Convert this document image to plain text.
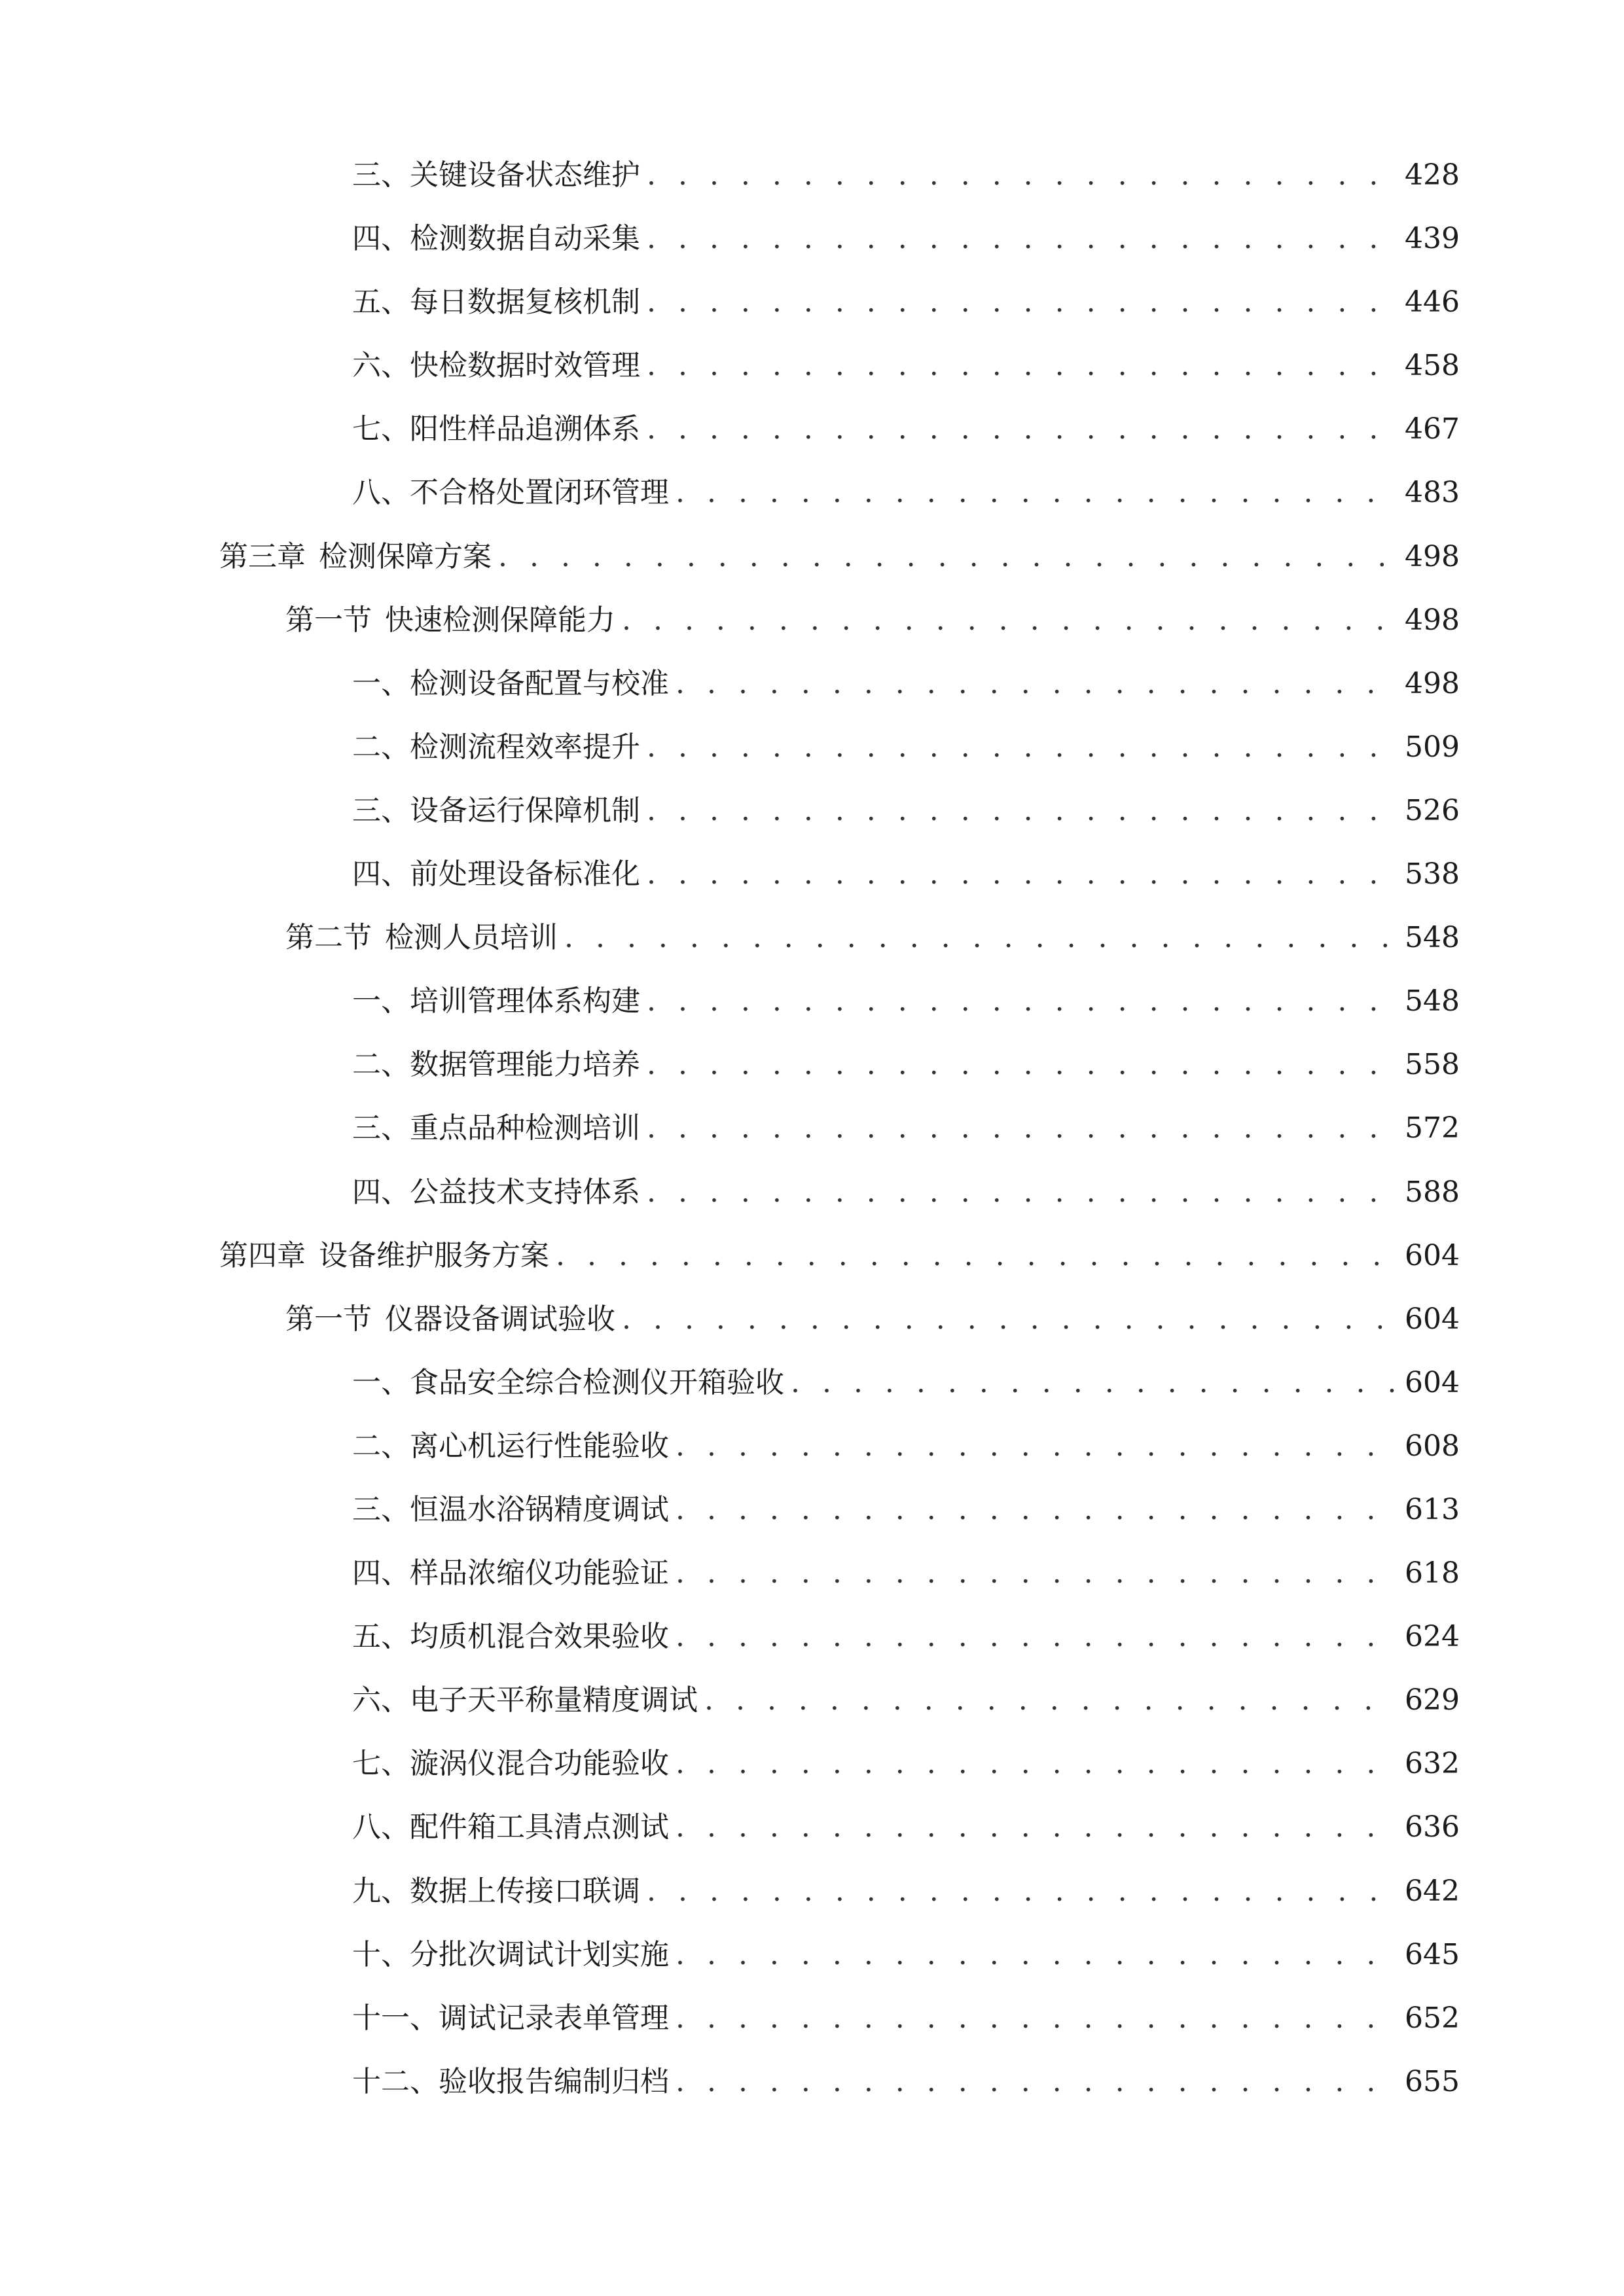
三、 关键设备状态维护 . . .	428
四、 检测数据自动采集 . . .	439
五、 每日数据复核机制 . . .	446
六、 快检数据时效管理 . . .	458
七、 阳性样品追溯体系 . . .	467
八、 不合格处置闭环管理 . . .	483
第三章 检测保障方案 . . .	498
第一节 快速检测保障能力 . . .	498
一、 检测设备配置与校准 . . .	498
二、 检测流程效率提升 . . .	509
三、 设备运行保障机制 . . .	526
四、 前处理设备标准化 . . .	538
第二节 检测人员培训 . . .	548
一、 培训管理体系构建 . . .	548
二、 数据管理能力培养 . . .	558
三、 重点品种检测培训 . . .	572
四、 公益技术支持体系 . . .	588
第四章 设备维护服务方案 . . .	604
第一节 仪器设备调试验收 . . .	604
一、 食品安全综合检测仪开箱验收 . . .	604
二、 离心机运行性能验收 . . .	608
三、 恒温水浴锅精度调试 . . .	613
四、 样品浓缩仪功能验证 . . .	618
五、 均质机混合效果验收 . . .	624
六、 电子天平称量精度调试 . . .	629
七、 漩涡仪混合功能验收 . . .	632
八、 配件箱工具清点测试 . . .	636
九、 数据上传接口联调 . . .	642
十、 分批次调试计划实施 . . .	645
十一、 调试记录表单管理 . . .	652
十二、 验收报告编制归档 . . .	655
